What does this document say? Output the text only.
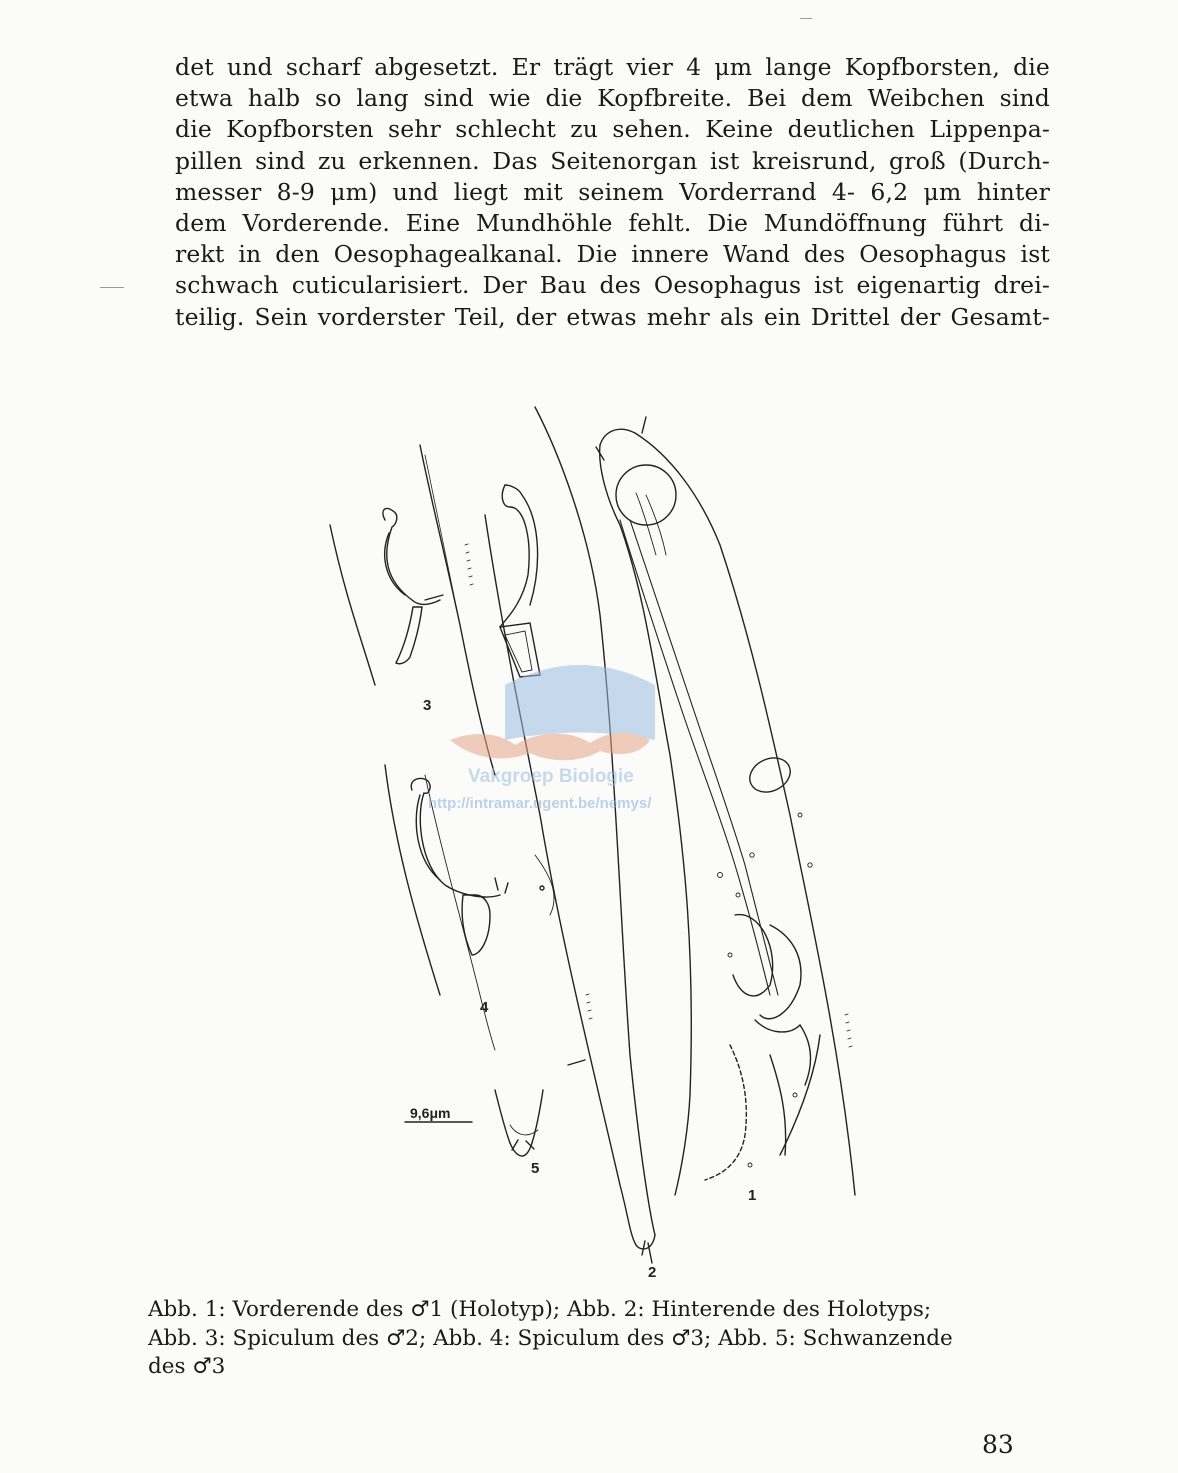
det und scharf abgesetzt. Er trägt vier 4 μm lange Kopfborsten, die
etwa halb so lang sind wie die Kopfbreite. Bei dem Weibchen sind
die Kopfborsten sehr schlecht zu sehen. Keine deutlichen Lippenpa-
pillen sind zu erkennen. Das Seitenorgan ist kreisrund, groß (Durch-
messer 8-9 μm) und liegt mit seinem Vorderrand 4- 6,2 μm hinter
dem Vorderende. Eine Mundhöhle fehlt. Die Mundöffnung führt di-
rekt in den Oesophagealkanal. Die innere Wand des Oesophagus ist
schwach cuticularisiert. Der Bau des Oesophagus ist eigenartig drei-
teilig. Sein vorderster Teil, der etwas mehr als ein Drittel der Gesamt-
9,6μm
1
2
3
4
5
Marene Biologie
Vakgroep Biologie
http://intramar.ugent.be/nemys/
Abb. 1: Vorderende des ♂1 (Holotyp); Abb. 2: Hinterende des Holotyps;
Abb. 3: Spiculum des ♂2; Abb. 4: Spiculum des ♂3; Abb. 5: Schwanzende
des ♂3
83
